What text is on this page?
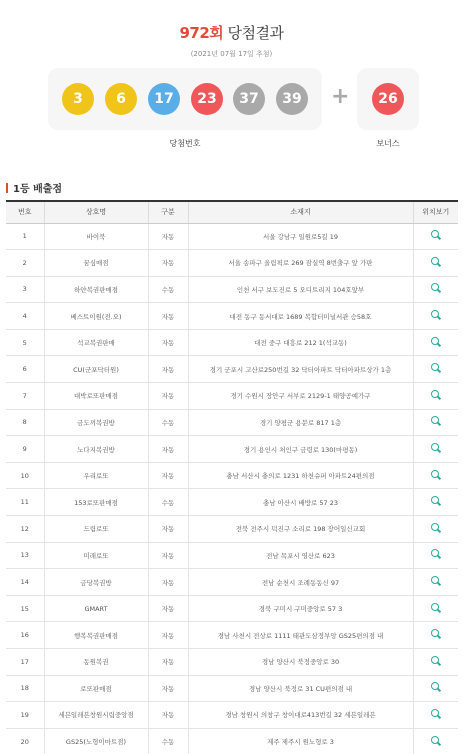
972회 당첨결과
(2021년 07월 17일 추첨)
3	6	17	23	37	39 +	26
당첨번호	보너스
1등 배출점
번호	상호명	구분	소재지	위치보기
1	바이북	자동	서울 강남구 일원로5길 19	
2	꿈심매점	자동	서울 송파구 올림픽로 269 잠실역 8번출구 앞 가판	
3	하얀복권판매점	수동	인천 서구 보도진로 5 오디트리지 104호앞부	
4	베스트이원(전.오)	자동	대전 동구 동서대로 1689 복합터미널서관 승58호	
5	석교복권판매	자동	대전 중구 대흥로 212 1(석교동)	
6	CU(군포닥터원)	자동	경기 군포시 고산로250번길 32 닥터아파트 닥터아파트상가 1층	
7	대박로또판매점	자동	경기 수원시 장안구 서부로 2129-1 태양공예가구	
8	금도끼복권방	수동	경기 양평군 용문로 817 1층	
9	노다지복권방	자동	경기 용인시 처인구 금령로 130(마평동)	
10	우리로또	자동	충남 서산시 충의로 1231 하천슈퍼 아파트24편의점	
11	153로또판매점	수동	충남 아산시 배방로 57 23	
12	드림로또	자동	전북 전주시 덕진구 소리로 198 장어일신교회	
13	미래로또	자동	전남 목포시 영산로 623	
14	금당복권방	자동	전남 순천시 조례동동신 97	
15	GMART	자동	경북 구미시 구미중앙로 57 3	
16	행복복권판매점	자동	경남 사천시 전상로 1111 태관도삼정부앙 GS25편의점 내	
17	동원복권	자동	경남 양산시 북정중앙로 30	
18	로또판매점	자동	경남 양산시 북정로 31 CU편의점 내	
19	세븐일레븐창원시립중앙점	자동	경남 창원시 의창구 창이대로413번길 32 세븐일레븐	
20	GS25(노형이마트점)	수동	제주 제주시 원노형로 3	
